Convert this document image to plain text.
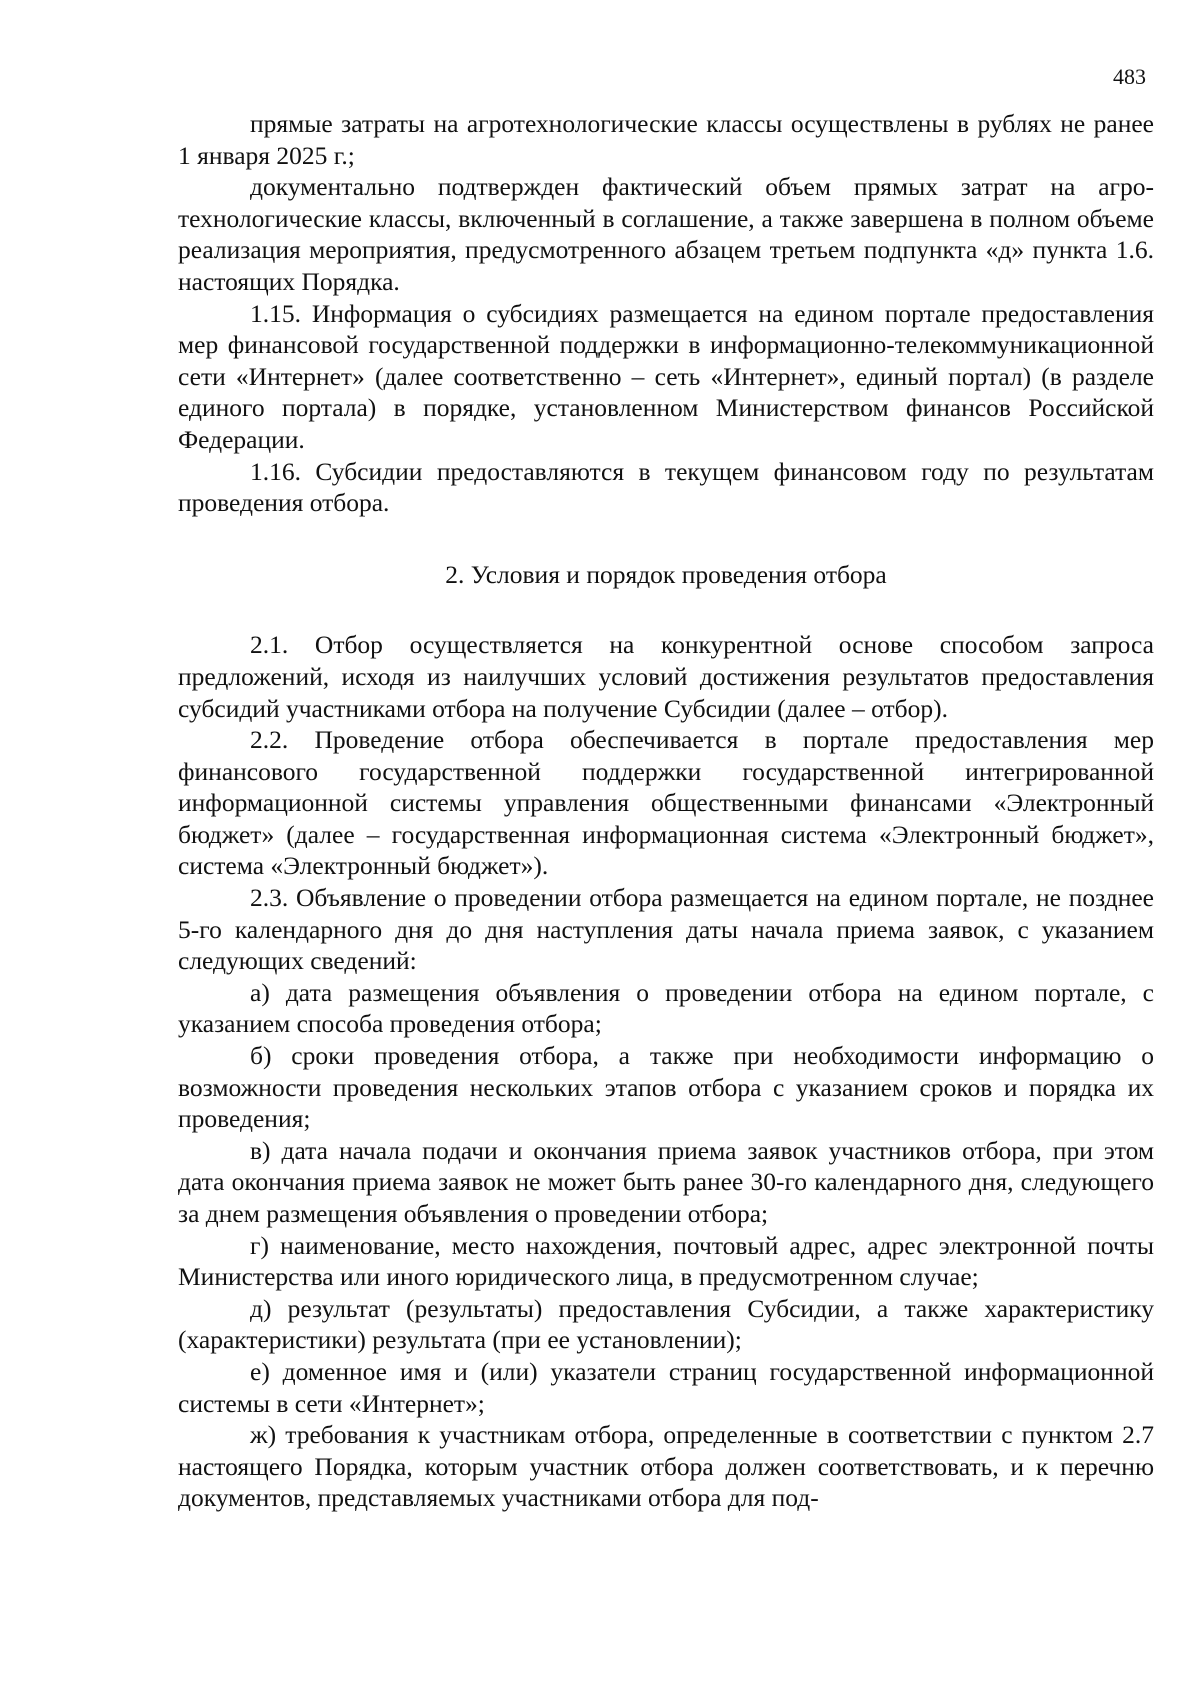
483

прямые затраты на агротехнологические классы осуществлены в рублях не ранее 1 января 2025 г.;

документально подтвержден фактический объем прямых затрат на агротехнологические классы, включенный в соглашение, а также завершена в полном объеме реализация мероприятия, предусмотренного абзацем третьем подпункта «д» пункта 1.6. настоящих Порядка.

1.15. Информация о субсидиях размещается на едином портале предоставления мер финансовой государственной поддержки в информационно-телекоммуникационной сети «Интернет» (далее соответственно – сеть «Интернет», единый портал) (в разделе единого портала) в порядке, установленном Министерством финансов Российской Федерации.

1.16. Субсидии предоставляются в текущем финансовом году по результатам проведения отбора.

2. Условия и порядок проведения отбора

2.1. Отбор осуществляется на конкурентной основе способом запроса предложений, исходя из наилучших условий достижения результатов предоставления субсидий участниками отбора на получение Субсидии (далее – отбор).

2.2. Проведение отбора обеспечивается в портале предоставления мер финансового государственной поддержки государственной интегрированной информационной системы управления общественными финансами «Электронный бюджет» (далее – государственная информационная система «Электронный бюджет», система «Электронный бюджет»).

2.3. Объявление о проведении отбора размещается на едином портале, не позднее 5-го календарного дня до дня наступления даты начала приема заявок, с указанием следующих сведений:

а) дата размещения объявления о проведении отбора на едином портале, с указанием способа проведения отбора;

б) сроки проведения отбора, а также при необходимости информацию о возможности проведения нескольких этапов отбора с указанием сроков и порядка их проведения;

в) дата начала подачи и окончания приема заявок участников отбора, при этом дата окончания приема заявок не может быть ранее 30-го календарного дня, следующего за днем размещения объявления о проведении отбора;

г) наименование, место нахождения, почтовый адрес, адрес электронной почты Министерства или иного юридического лица, в предусмотренном случае;

д) результат (результаты) предоставления Субсидии, а также характеристику (характеристики) результата (при ее установлении);

е) доменное имя и (или) указатели страниц государственной информационной системы в сети «Интернет»;

ж) требования к участникам отбора, определенные в соответствии с пунктом 2.7 настоящего Порядка, которым участник отбора должен соответствовать, и к перечню документов, представляемых участниками отбора для под-
